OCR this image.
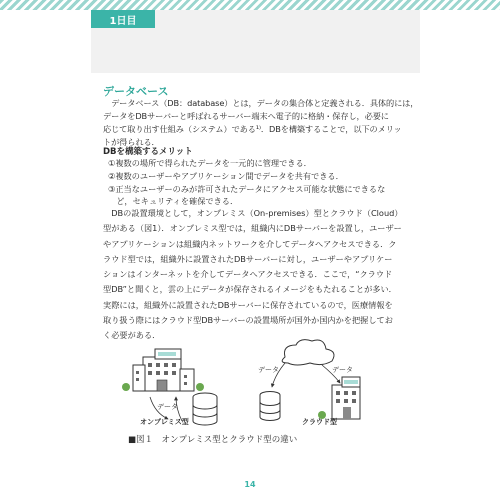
1日目
データベース
　データベース（DB：database）とは，データの集合体と定義される．具体的には，
データをDBサーバーと呼ばれるサーバー端末へ電子的に格納・保存し，必要に
応じて取り出す仕組み（システム）である¹⁾．DBを構築することで，以下のメリッ
トが得られる．
DBを構築するメリット
①複数の場所で得られたデータを一元的に管理できる．
②複数のユーザーやアプリケーション間でデータを共有できる．
③正当なユーザーのみが許可されたデータにアクセス可能な状態にできるな
　ど，セキュリティを確保できる．
　DBの設置環境として，オンプレミス（On-premises）型とクラウド（Cloud）
型がある（図1）．オンプレミス型では，組織内にDBサーバーを設置し，ユーザー
やアプリケーションは組織内ネットワークを介してデータへアクセスできる．ク
ラウド型では，組織外に設置されたDBサーバーに対し，ユーザーやアプリケー
ションはインターネットを介してデータへアクセスできる．ここで，“クラウド
型DB”と聞くと，雲の上にデータが保存されるイメージをもたれることが多い．
実際には，組織外に設置されたDBサーバーに保存されているので，医療情報を
取り扱う際にはクラウド型DBサーバーの設置場所が国外か国内かを把握してお
く必要がある．
オンプレミス型	クラウド型
データ
データ	データ
■図１　オンプレミス型とクラウド型の違い
14
